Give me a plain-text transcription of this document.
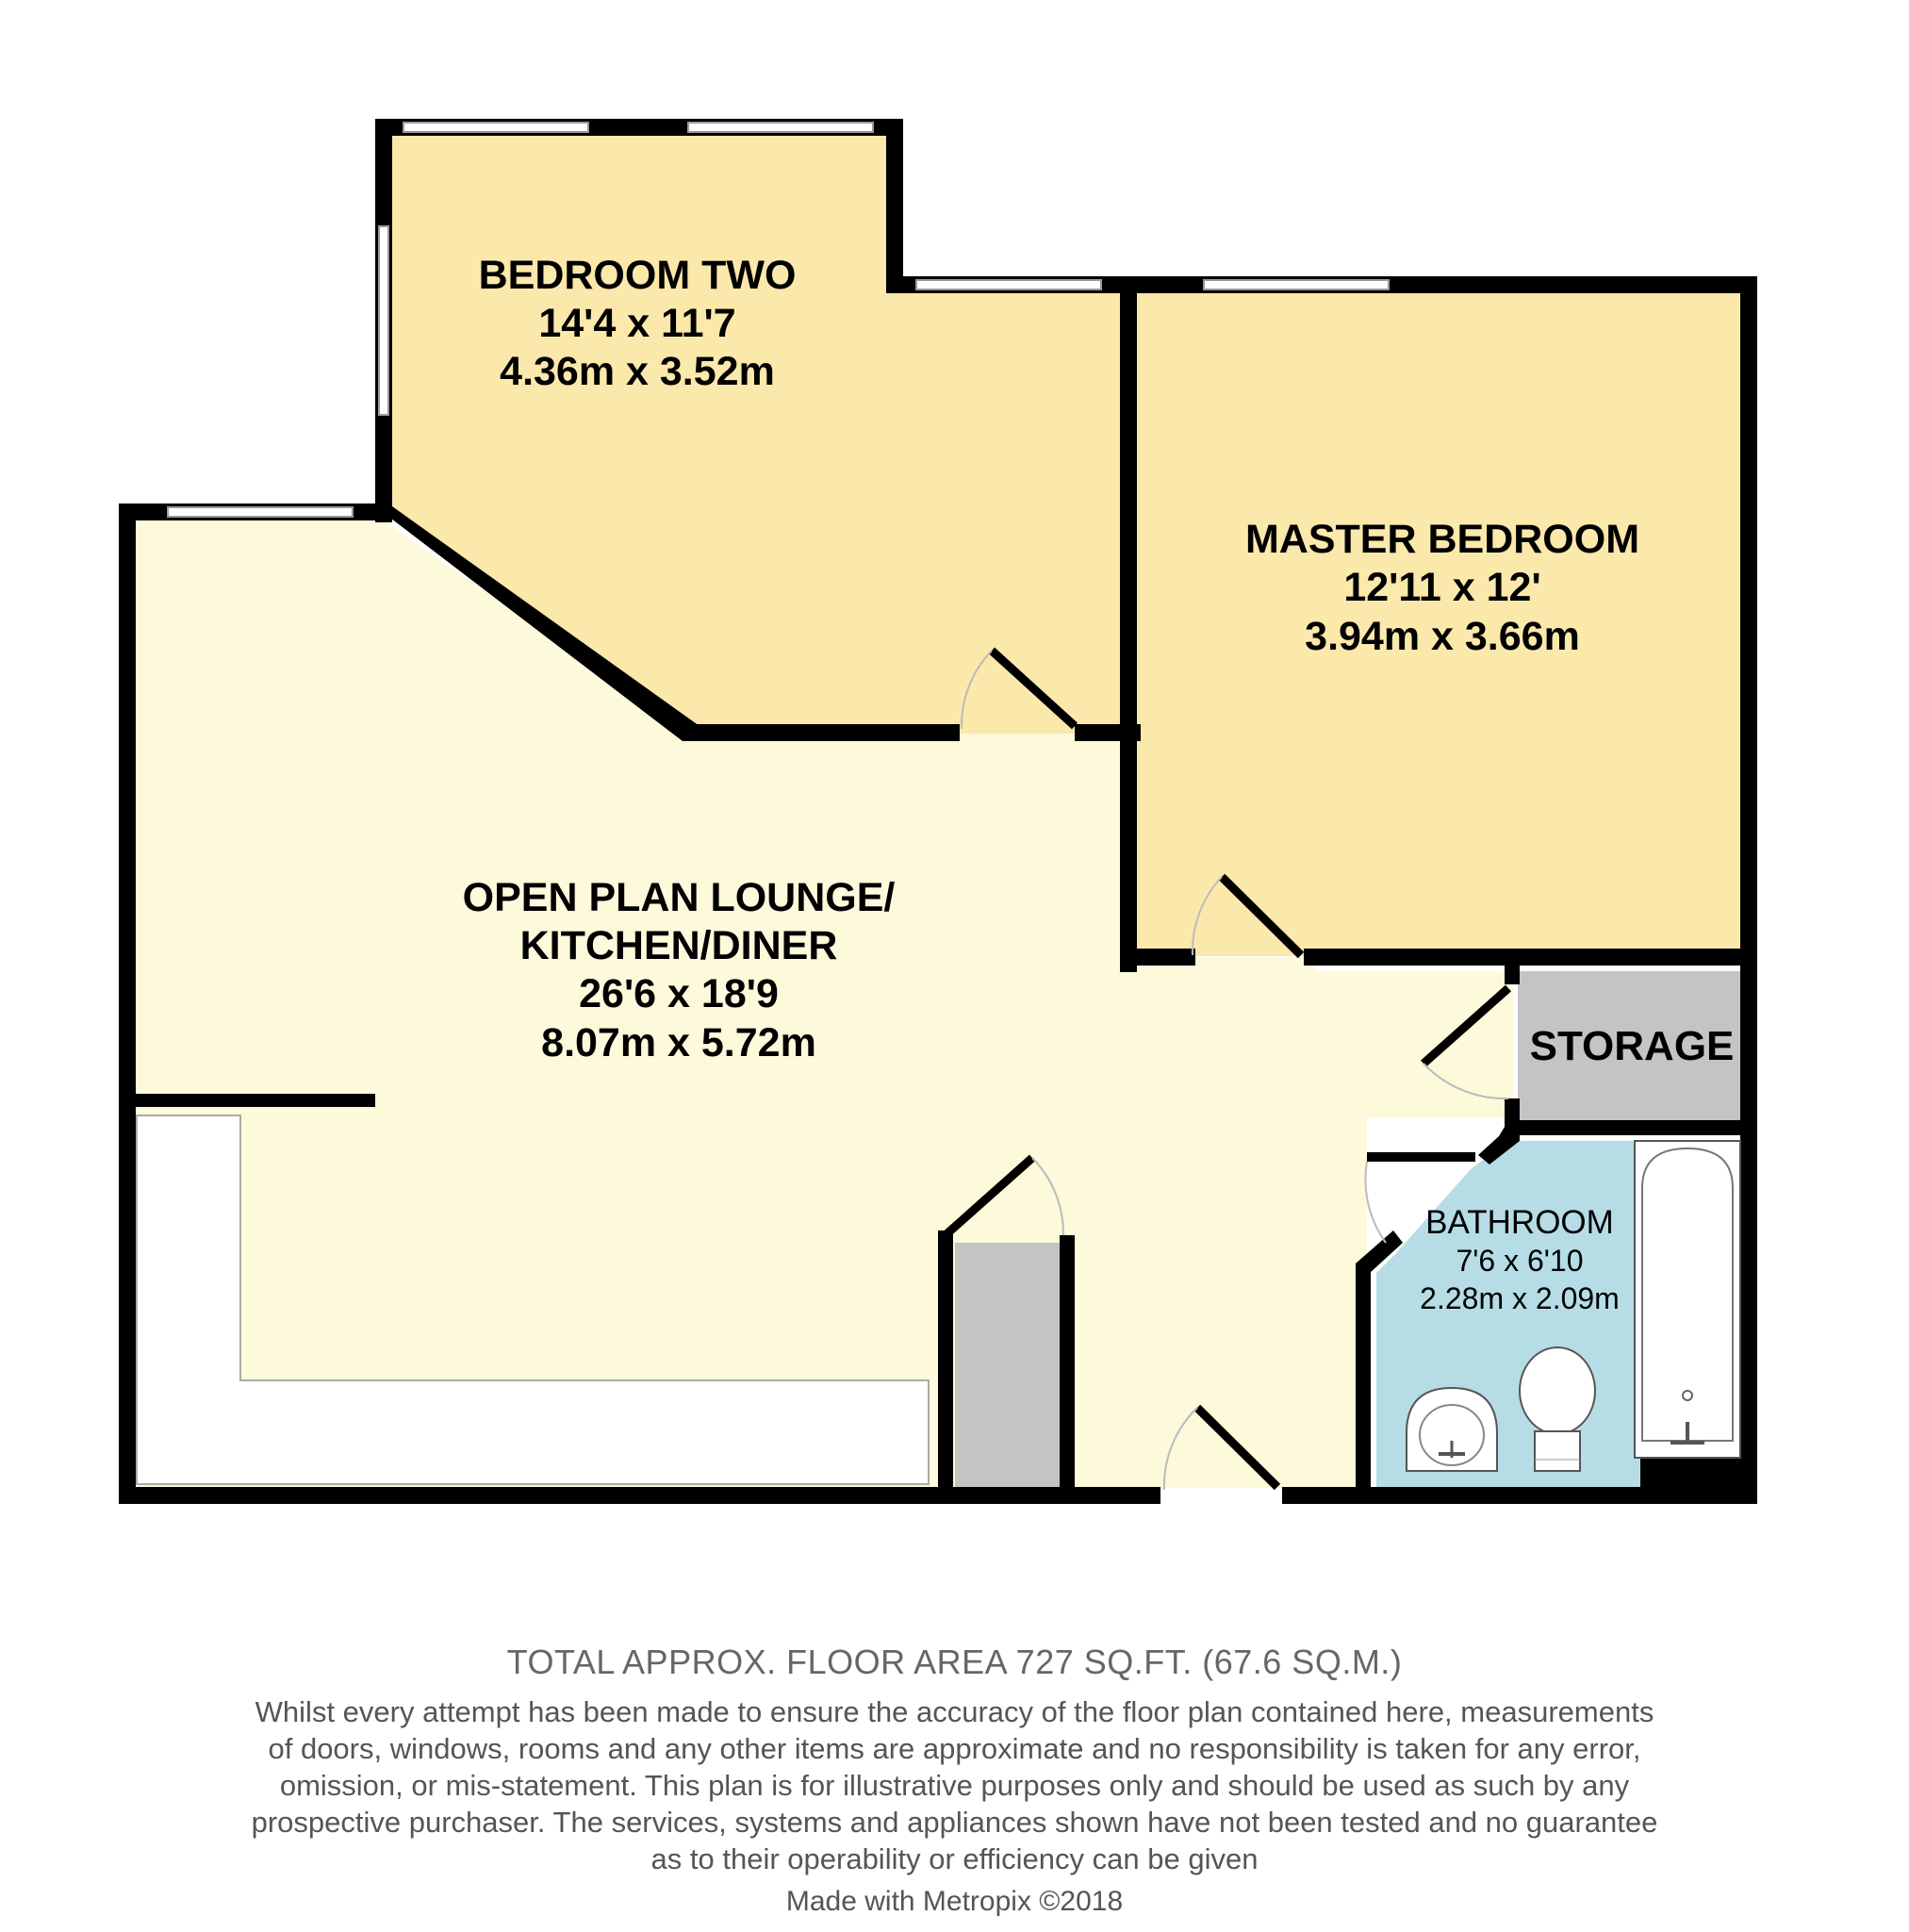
BEDROOM TWO
14'4 x 11'7
4.36m x 3.52m
MASTER BEDROOM
12'11 x 12'
3.94m x 3.66m
OPEN PLAN LOUNGE/
KITCHEN/DINER
26'6 x 18'9
8.07m x 5.72m	STORAGE
BATHROOM
7'6 x 6'10
2.28m x 2.09m
TOTAL APPROX. FLOOR AREA 727 SQ.FT. (67.6 SQ.M.)
Whilst every attempt has been made to ensure the accuracy of the floor plan contained here, measurements
of doors, windows, rooms and any other items are approximate and no responsibility is taken for any error,
omission, or mis-statement. This plan is for illustrative purposes only and should be used as such by any
prospective purchaser. The services, systems and appliances shown have not been tested and no guarantee
as to their operability or efficiency can be given
Made with Metropix ©2018
